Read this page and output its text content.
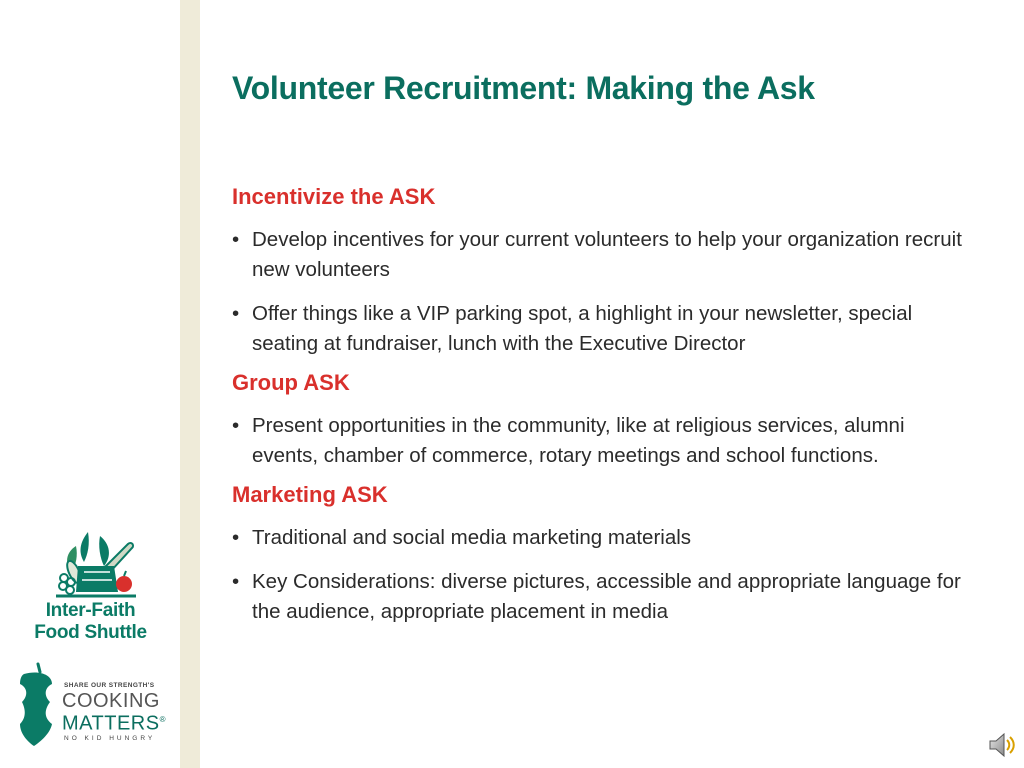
Volunteer Recruitment: Making the Ask
Incentivize the ASK
• Develop incentives for your current volunteers to help your organization recruit new volunteers
• Offer things like a VIP parking spot, a highlight in your newsletter, special seating at fundraiser, lunch with the Executive Director
Group ASK
• Present opportunities in the community, like at religious services, alumni events, chamber of commerce, rotary meetings and school functions.
Marketing ASK
• Traditional and social media marketing materials
• Key Considerations: diverse pictures, accessible and appropriate language for the audience, appropriate placement in media
Inter-Faith
Food Shuttle
SHARE OUR STRENGTH'S
COOKING
MATTERS®
NO KID HUNGRY
